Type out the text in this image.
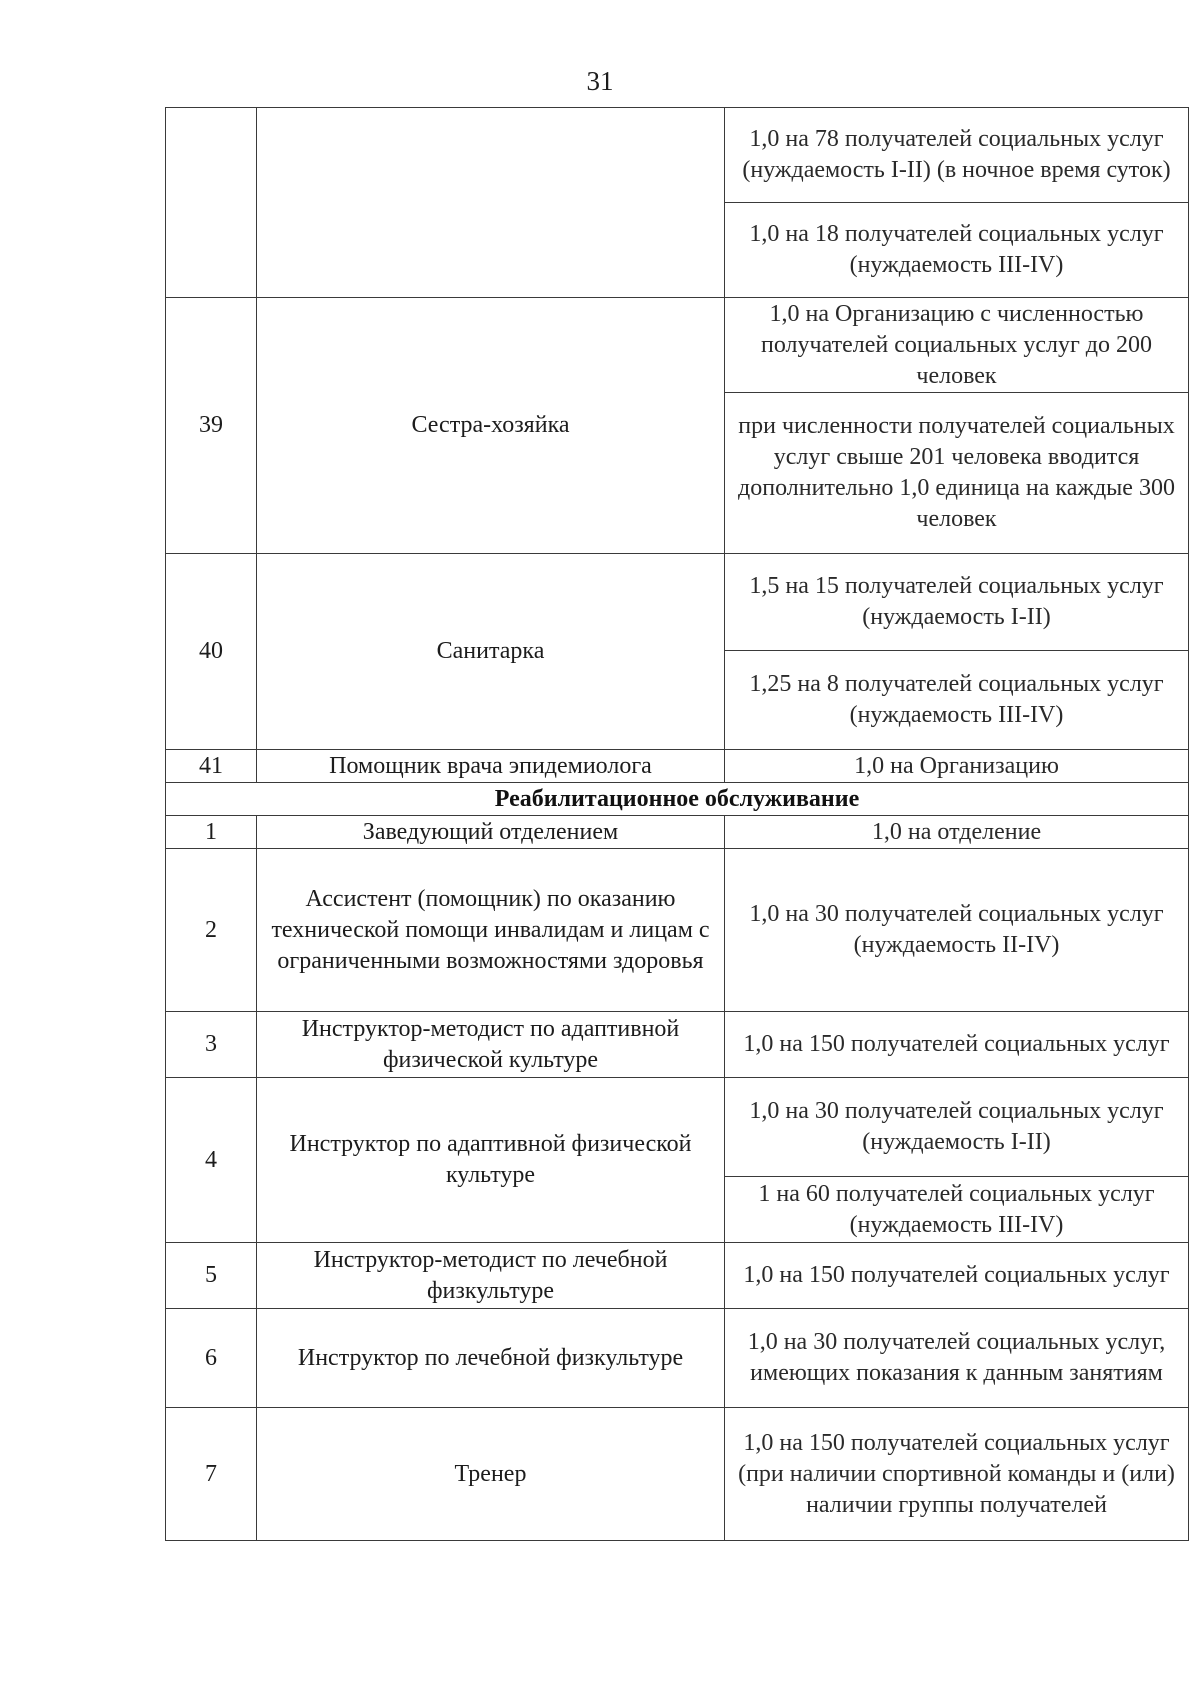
31
		1,0 на 78 получателей социальных услуг (нуждаемость I-II) (в ночное время суток)
		1,0 на 18 получателей социальных услуг (нуждаемость III-IV)
39	Сестра-хозяйка	1,0 на Организацию с численностью получателей социальных услуг до 200 человек
		при численности получателей социальных услуг свыше 201 человека вводится дополнительно 1,0 единица на каждые 300 человек
40	Санитарка	1,5 на 15 получателей социальных услуг (нуждаемость I-II)
		1,25 на 8 получателей социальных услуг (нуждаемость III-IV)
41	Помощник врача эпидемиолога	1,0 на Организацию
Реабилитационное обслуживание		
1	Заведующий отделением	1,0 на отделение
2	Ассистент (помощник) по оказанию технической помощи инвалидам и лицам с ограниченными возможностями здоровья	1,0 на 30 получателей социальных услуг (нуждаемость II-IV)
3	Инструктор-методист по адаптивной физической культуре	1,0 на 150 получателей социальных услуг
4	Инструктор по адаптивной физической культуре	1,0 на 30 получателей социальных услуг (нуждаемость I-II)
		1 на 60 получателей социальных услуг (нуждаемость III-IV)
5	Инструктор-методист по лечебной физкультуре	1,0 на 150 получателей социальных услуг
6	Инструктор по лечебной физкультуре	1,0 на 30 получателей социальных услуг, имеющих показания к данным занятиям
7	Тренер	1,0 на 150 получателей социальных услуг (при наличии спортивной команды и (или) наличии группы получателей
